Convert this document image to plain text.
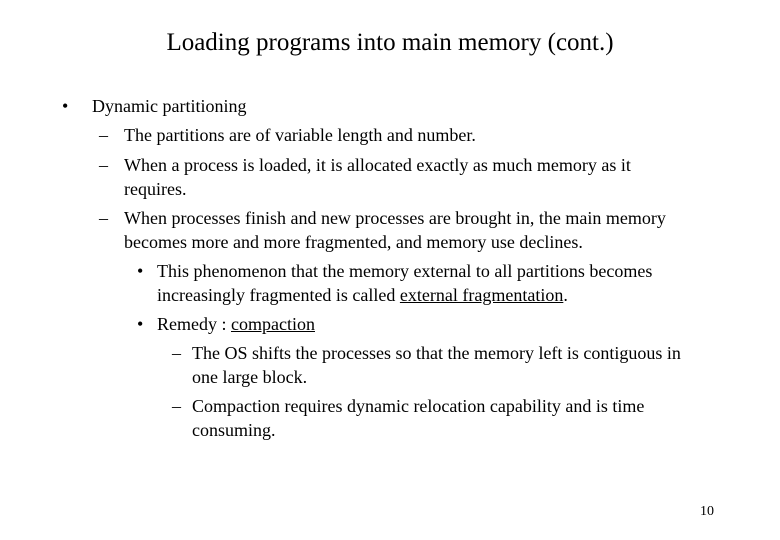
Loading programs into main memory (cont.)
• Dynamic partitioning
– The partitions are of variable length and number.
– When a process is loaded, it is allocated exactly as much memory as it
requires.
– When processes finish and new processes are brought in, the main memory
becomes more and more fragmented, and memory use declines.
• This phenomenon that the memory external to all partitions becomes
increasingly fragmented is called external fragmentation.
• Remedy : compaction
– The OS shifts the processes so that the memory left is contiguous in
one large block.
– Compaction requires dynamic relocation capability and is time
consuming.
10
